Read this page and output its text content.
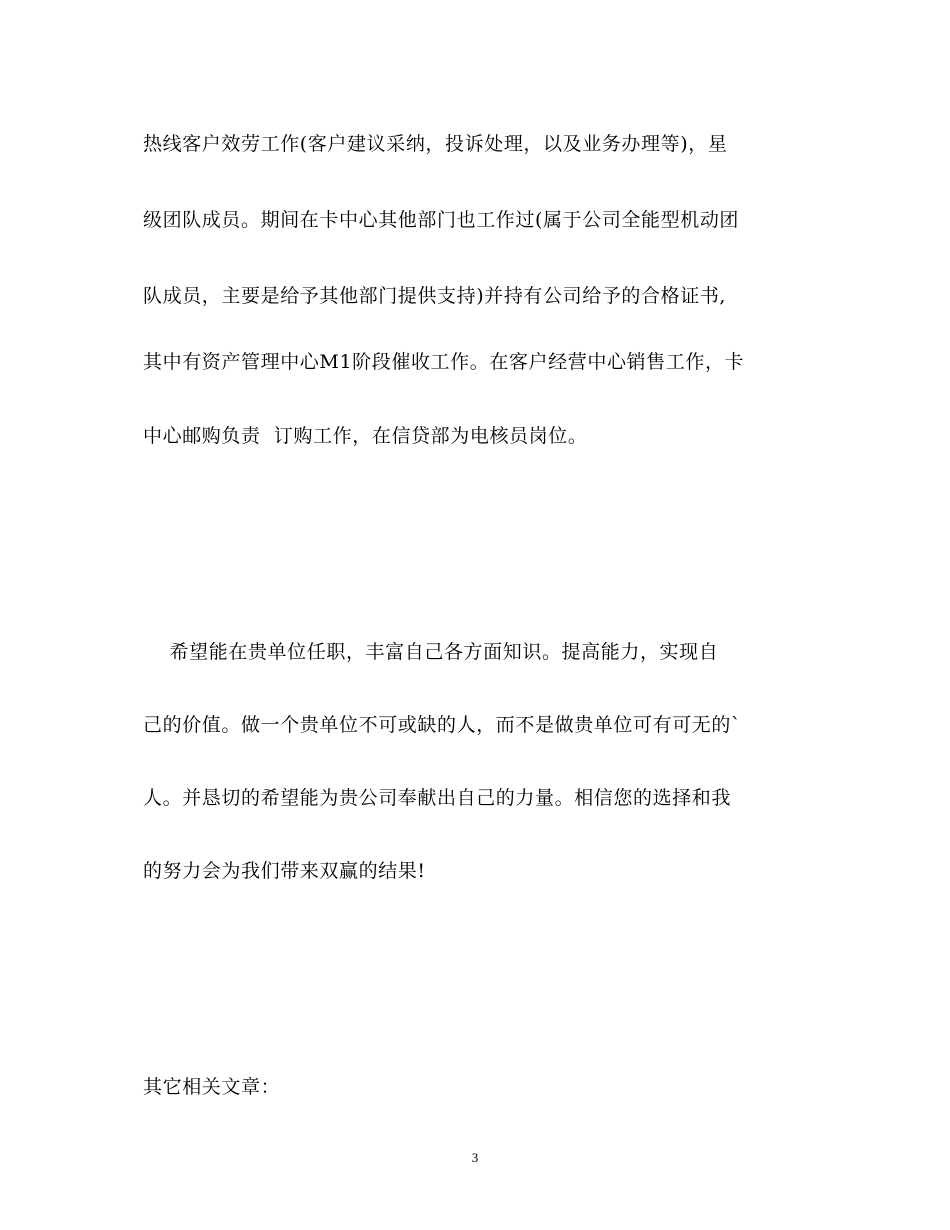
热线客户效劳工作(客户建议采纳，投诉处理，以及业务办理等)，星
级团队成员。期间在卡中心其他部门也工作过(属于公司全能型机动团
队成员，主要是给予其他部门提供支持)并持有公司给予的合格证书,
其中有资产管理中心M1阶段催收工作。在客户经营中心销售工作，卡
中心邮购负责  订购工作，在信贷部为电核员岗位。
希望能在贵单位任职，丰富自己各方面知识。提高能力，实现自
己的价值。做一个贵单位不可或缺的人，而不是做贵单位可有可无的`
人。并恳切的希望能为贵公司奉献出自己的力量。相信您的选择和我
的努力会为我们带来双赢的结果!
其它相关文章：
3
